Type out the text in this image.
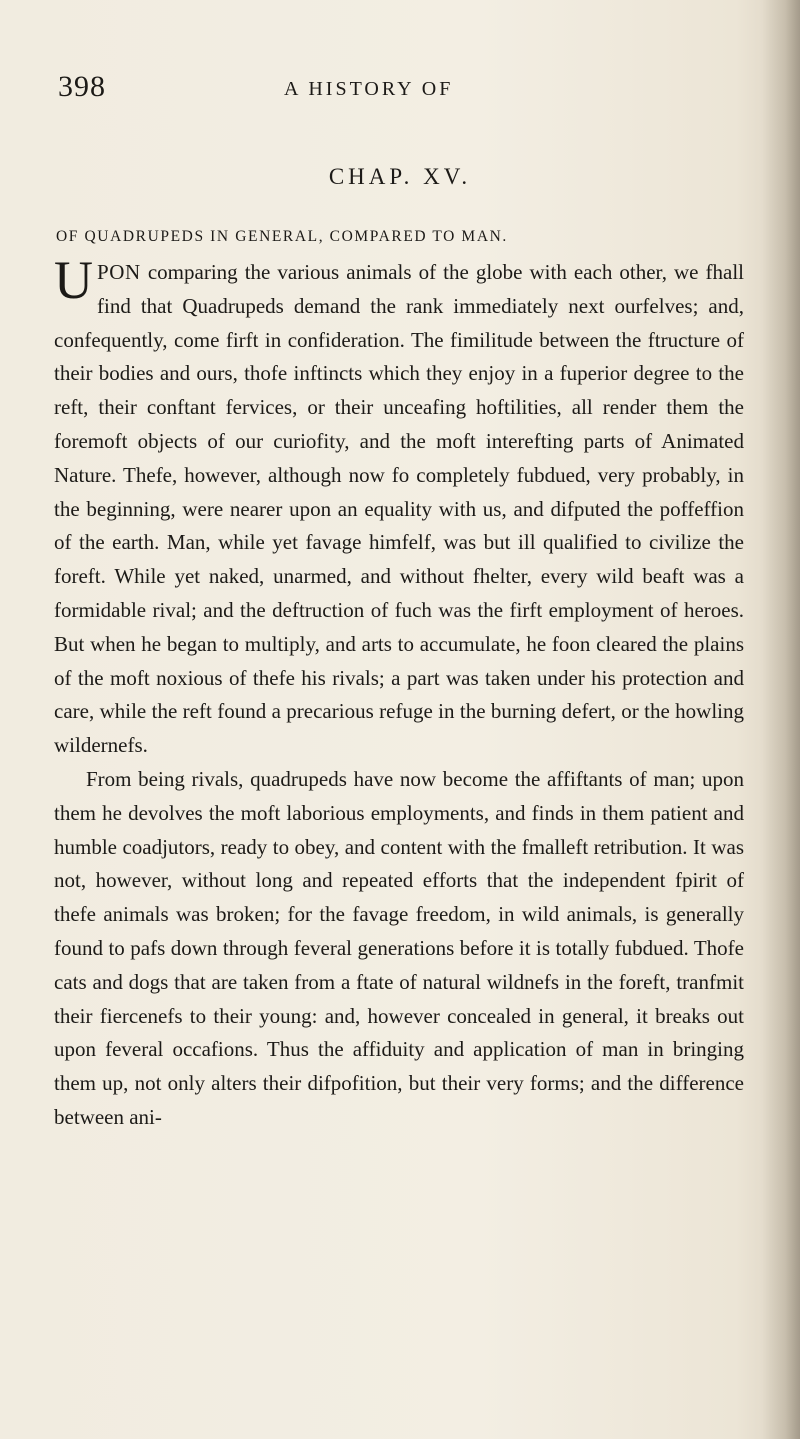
398	A HISTORY OF
CHAP. XV.
OF QUADRUPEDS IN GENERAL, COMPARED TO MAN.

UPON comparing the various animals of the globe with each other, we fhall find that Quadrupeds demand the rank immediately next ourfelves; and, confequently, come firft in confideration. The fimilitude between the ftructure of their bodies and ours, thofe inftincts which they enjoy in a fuperior degree to the reft, their conftant fervices, or their unceafing hoftilities, all render them the foremoft objects of our curiofity, and the moft interefting parts of Animated Nature. Thefe, however, although now fo completely fubdued, very probably, in the beginning, were nearer upon an equality with us, and difputed the poffeffion of the earth. Man, while yet favage himfelf, was but ill qualified to civilize the foreft. While yet naked, unarmed, and without fhelter, every wild beaft was a formidable rival; and the deftruction of fuch was the firft employment of heroes. But when he began to multiply, and arts to accumulate, he foon cleared the plains of the moft noxious of thefe his rivals; a part was taken under his protection and care, while the reft found a precarious refuge in the burning defert, or the howling wildernefs.

From being rivals, quadrupeds have now become the affiftants of man; upon them he devolves the moft laborious employments, and finds in them patient and humble coadjutors, ready to obey, and content with the fmalleft retribution. It was not, however, without long and repeated efforts that the independent fpirit of thefe animals was broken; for the favage freedom, in wild animals, is generally found to pafs down through feveral generations before it is totally fubdued. Thofe cats and dogs that are taken from a ftate of natural wildnefs in the foreft, tranfmit their fiercenefs to their young: and, however concealed in general, it breaks out upon feveral occafions. Thus the affiduity and application of man in bringing them up, not only alters their difpofition, but their very forms; and the difference between ani-
